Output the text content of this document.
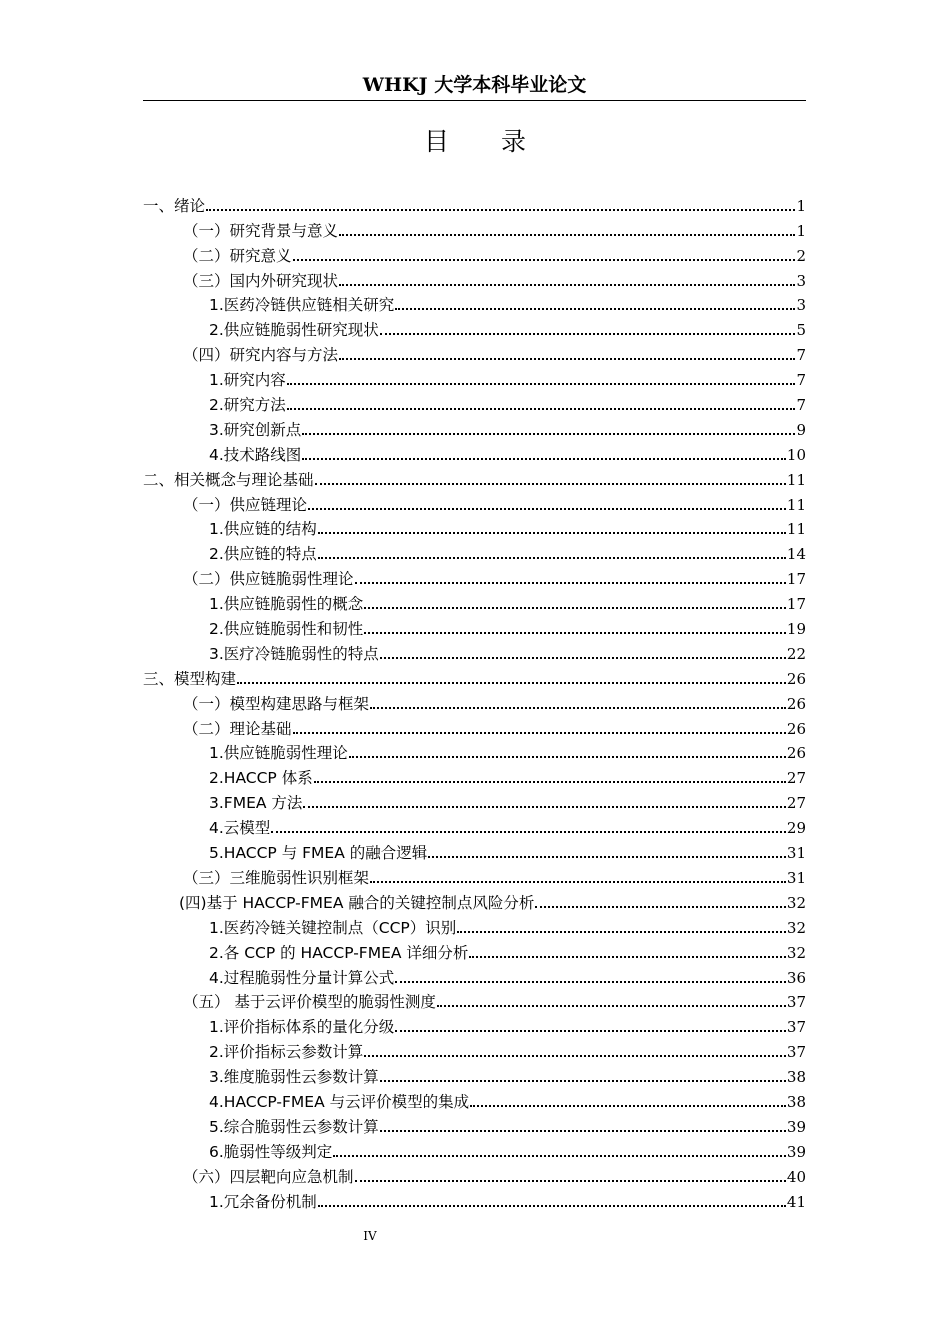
WHKJ 大学本科毕业论文
目 录
一、绪论	1
（一）研究背景与意义	1
（二）研究意义	2
（三）国内外研究现状	3
1.医药冷链供应链相关研究	3
2.供应链脆弱性研究现状	5
（四）研究内容与方法	7
1.研究内容	7
2.研究方法	7
3.研究创新点	9
4.技术路线图	10
二、相关概念与理论基础	11
（一）供应链理论	11
1.供应链的结构	11
2.供应链的特点	14
（二）供应链脆弱性理论	17
1.供应链脆弱性的概念	17
2.供应链脆弱性和韧性	19
3.医疗冷链脆弱性的特点	22
三、模型构建	26
（一）模型构建思路与框架	26
（二）理论基础	26
1.供应链脆弱性理论	26
2.HACCP 体系	27
3.FMEA 方法	27
4.云模型	29
5.HACCP 与 FMEA 的融合逻辑	31
（三）三维脆弱性识别框架	31
(四)基于 HACCP-FMEA 融合的关键控制点风险分析	32
1.医药冷链关键控制点（CCP）识别	32
2.各 CCP 的 HACCP-FMEA 详细分析	32
4.过程脆弱性分量计算公式	36
（五） 基于云评价模型的脆弱性测度	37
1.评价指标体系的量化分级	37
2.评价指标云参数计算	37
3.维度脆弱性云参数计算	38
4.HACCP-FMEA 与云评价模型的集成	38
5.综合脆弱性云参数计算	39
6.脆弱性等级判定	39
（六）四层靶向应急机制	40
1.冗余备份机制	41
IV
